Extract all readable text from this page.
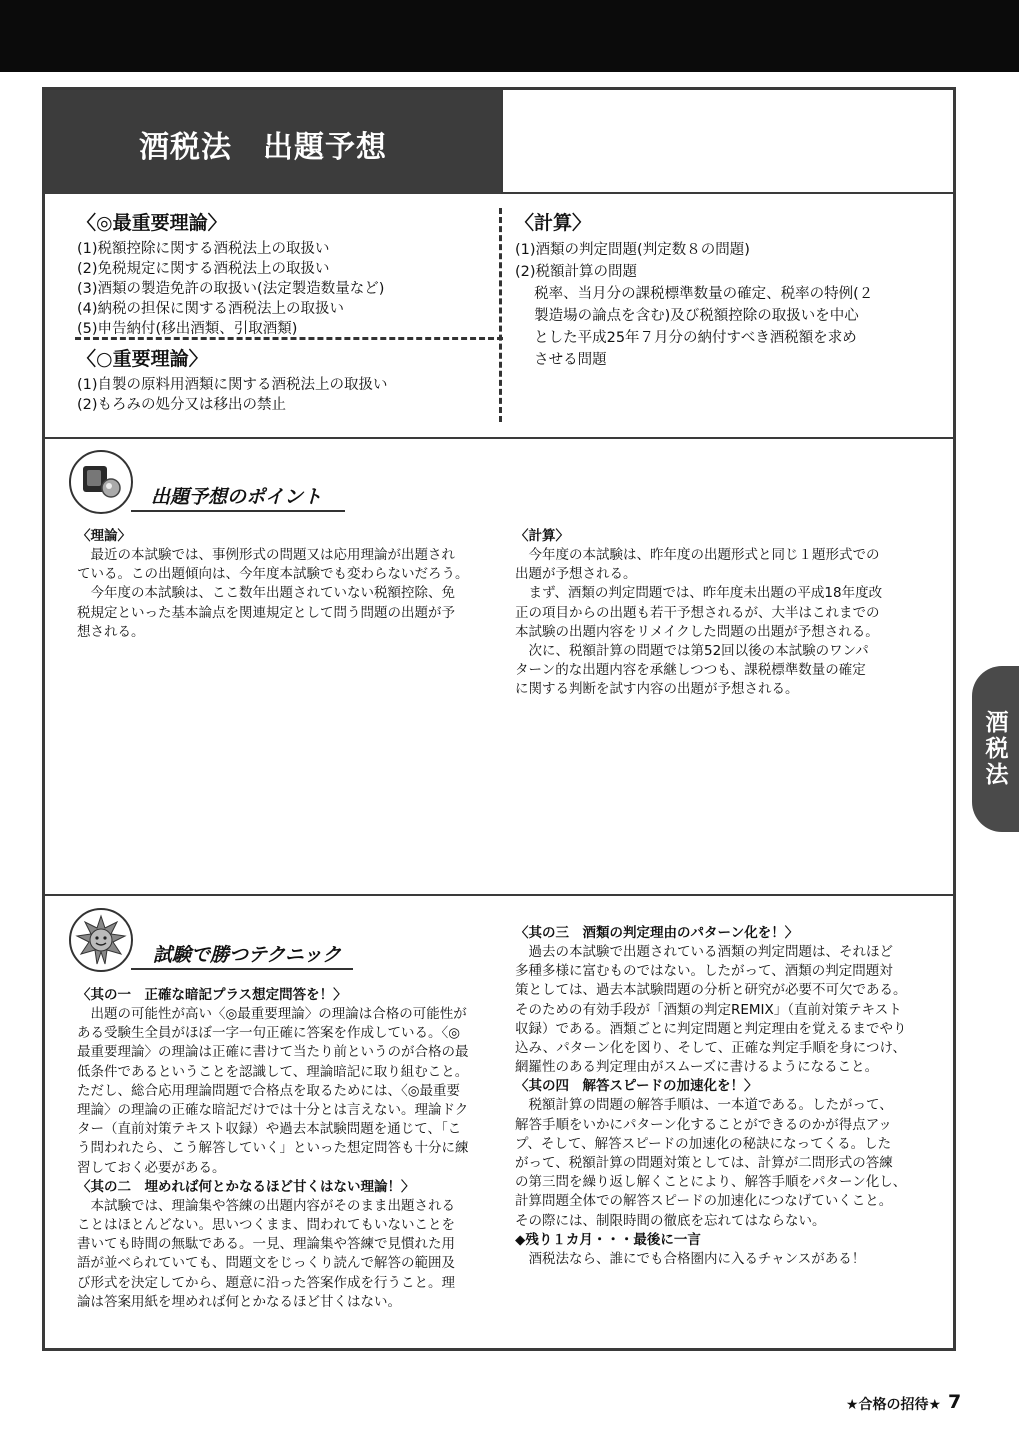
酒税法　出題予想
〈◎最重要理論〉
(1)税額控除に関する酒税法上の取扱い
(2)免税規定に関する酒税法上の取扱い
(3)酒類の製造免許の取扱い(法定製造数量など)
(4)納税の担保に関する酒税法上の取扱い
(5)申告納付(移出酒類、引取酒類)
〈○重要理論〉
(1)自製の原料用酒類に関する酒税法上の取扱い
(2)もろみの処分又は移出の禁止
〈計算〉
(1)酒類の判定問題(判定数８の問題)
(2)税額計算の問題
　 税率、当月分の課税標準数量の確定、税率の特例(２
　 製造場の論点を含む)及び税額控除の取扱いを中心
　 とした平成25年７月分の納付すべき酒税額を求め
　 させる問題
出題予想のポイント
〈理論〉
　最近の本試験では、事例形式の問題又は応用理論が出題され
ている。この出題傾向は、今年度本試験でも変わらないだろう。
　今年度の本試験は、ここ数年出題されていない税額控除、免
税規定といった基本論点を関連規定として問う問題の出題が予
想される。
〈計算〉
　今年度の本試験は、昨年度の出題形式と同じ１題形式での
出題が予想される。
　まず、酒類の判定問題では、昨年度未出題の平成18年度改
正の項目からの出題も若干予想されるが、大半はこれまでの
本試験の出題内容をリメイクした問題の出題が予想される。
　次に、税額計算の問題では第52回以後の本試験のワンパ
ターン的な出題内容を承継しつつも、課税標準数量の確定
に関する判断を試す内容の出題が予想される。
試験で勝つテクニック
〈其の一　正確な暗記プラス想定問答を！〉
　出題の可能性が高い〈◎最重要理論〉の理論は合格の可能性が
ある受験生全員がほぼ一字一句正確に答案を作成している。〈◎
最重要理論〉の理論は正確に書けて当たり前というのが合格の最
低条件であるということを認識して、理論暗記に取り組むこと。
ただし、総合応用理論問題で合格点を取るためには、〈◎最重要
理論〉の理論の正確な暗記だけでは十分とは言えない。理論ドク
ター（直前対策テキスト収録）や過去本試験問題を通じて、「こ
う問われたら、こう解答していく」といった想定問答も十分に練
習しておく必要がある。
〈其の二　埋めれば何とかなるほど甘くはない理論！〉
　本試験では、理論集や答練の出題内容がそのまま出題される
ことはほとんどない。思いつくまま、問われてもいないことを
書いても時間の無駄である。一見、理論集や答練で見慣れた用
語が並べられていても、問題文をじっくり読んで解答の範囲及
び形式を決定してから、題意に沿った答案作成を行うこと。理
論は答案用紙を埋めれば何とかなるほど甘くはない。
〈其の三　酒類の判定理由のパターン化を！〉
　過去の本試験で出題されている酒類の判定問題は、それほど
多種多様に富むものではない。したがって、酒類の判定問題対
策としては、過去本試験問題の分析と研究が必要不可欠である。
そのための有効手段が「酒類の判定REMIX」（直前対策テキスト
収録）である。酒類ごとに判定問題と判定理由を覚えるまでやり
込み、パターン化を図り、そして、正確な判定手順を身につけ、
網羅性のある判定理由がスムーズに書けるようになること。
〈其の四　解答スピードの加速化を！〉
　税額計算の問題の解答手順は、一本道である。したがって、
解答手順をいかにパターン化することができるのかが得点アッ
プ、そして、解答スピードの加速化の秘訣になってくる。した
がって、税額計算の問題対策としては、計算が二問形式の答練
の第三問を繰り返し解くことにより、解答手順をパターン化し、
計算問題全体での解答スピードの加速化につなげていくこと。
その際には、制限時間の徹底を忘れてはならない。
◆残り１カ月・・・最後に一言
　酒税法なら、誰にでも合格圏内に入るチャンスがある！
酒税法
★合格の招待★ 7
